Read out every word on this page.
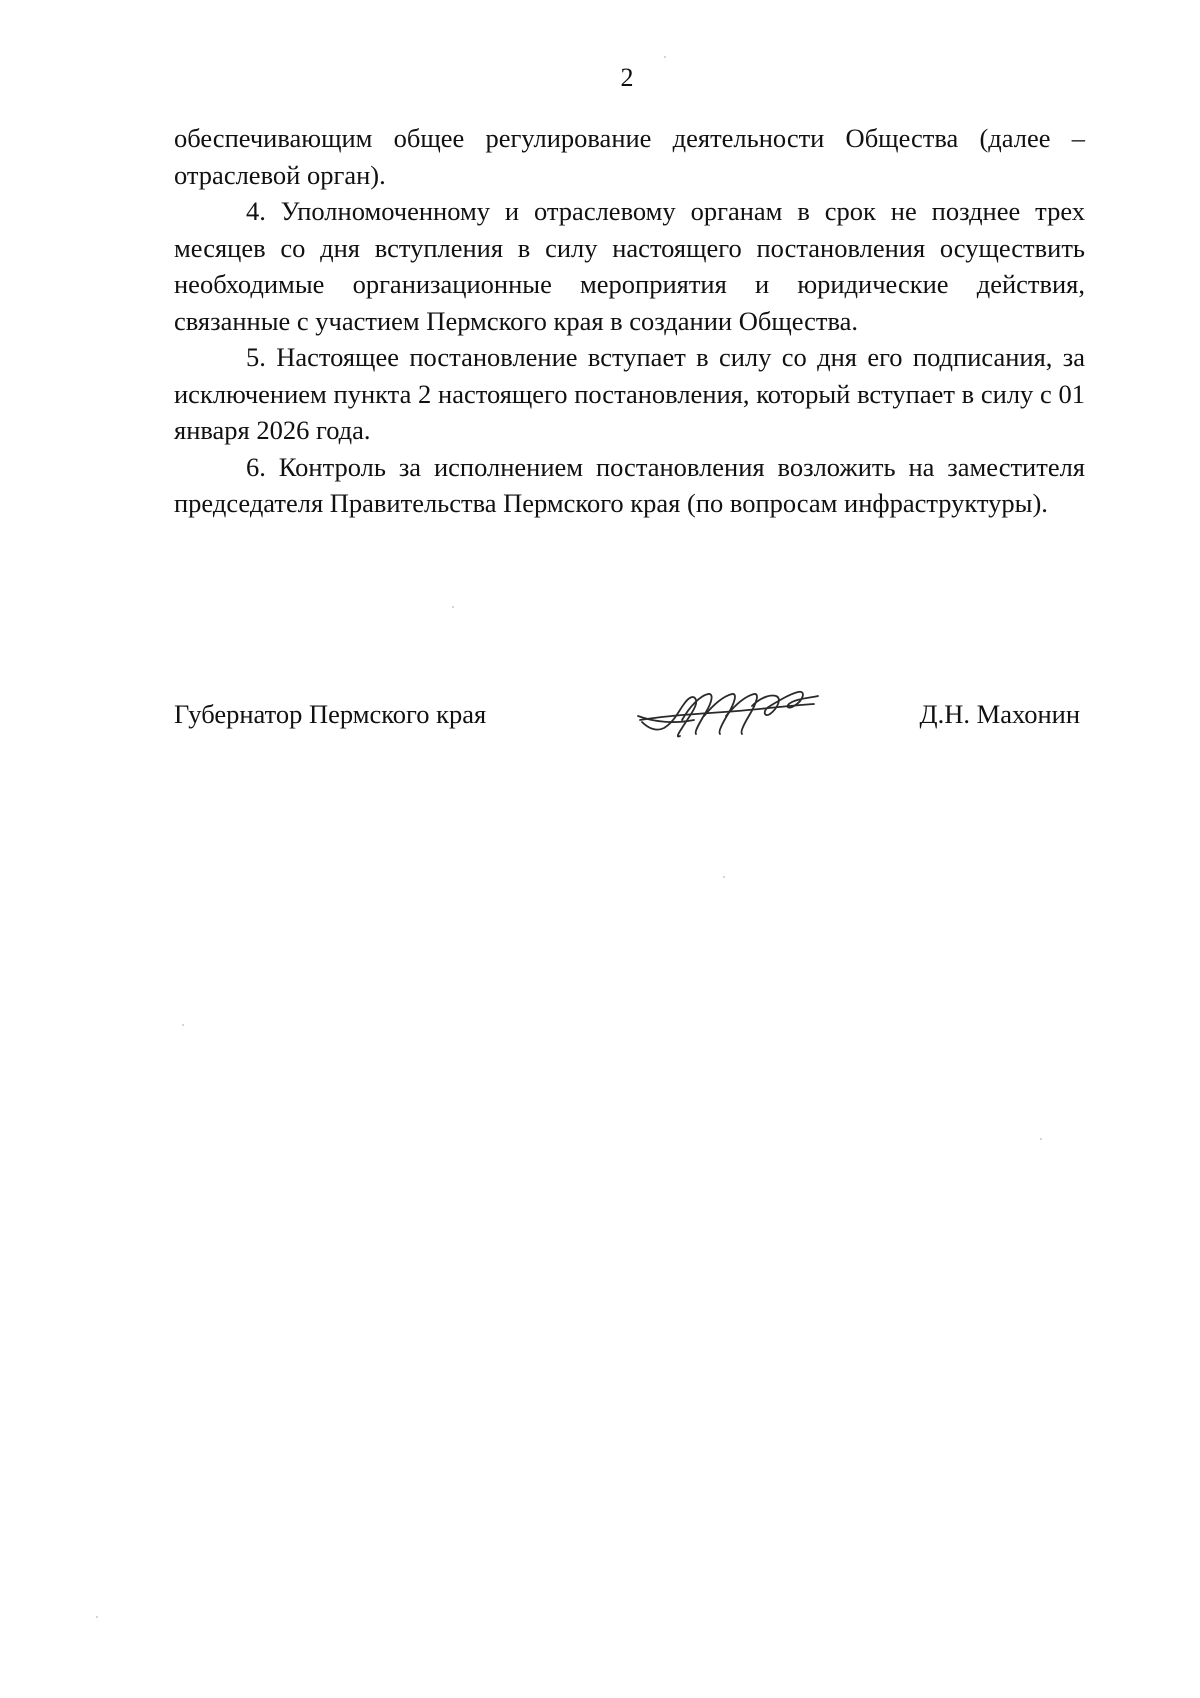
2

обеспечивающим общее регулирование деятельности Общества (далее – отраслевой орган).

4. Уполномоченному и отраслевому органам в срок не позднее трех месяцев со дня вступления в силу настоящего постановления осуществить необходимые организационные мероприятия и юридические действия, связанные с участием Пермского края в создании Общества.

5. Настоящее постановление вступает в силу со дня его подписания, за исключением пункта 2 настоящего постановления, который вступает в силу с 01 января 2026 года.

6. Контроль за исполнением постановления возложить на заместителя председателя Правительства Пермского края (по вопросам инфраструктуры).

Губернатор Пермского края	Д.Н. Махонин
